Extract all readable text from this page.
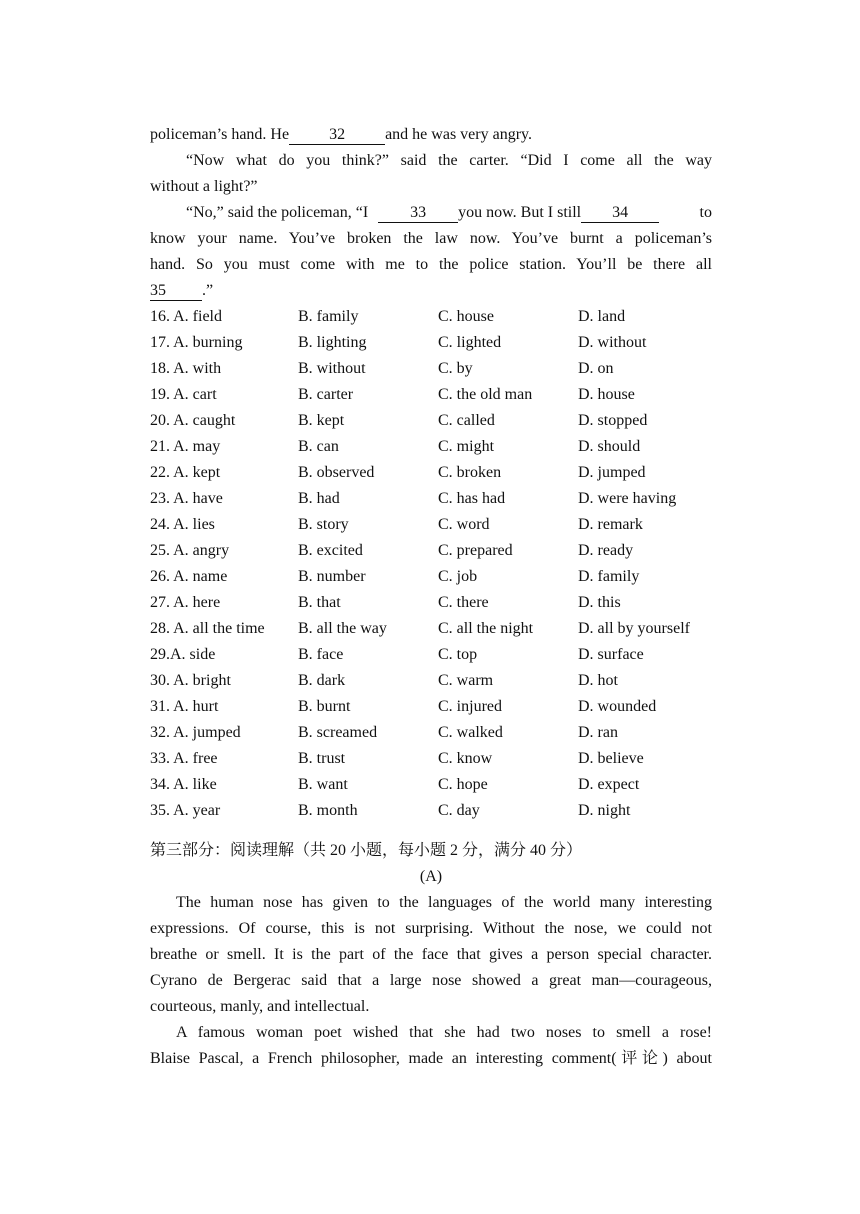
policeman’s hand. He	32	and he was very angry.
“Now what do you think?” said the carter. “Did I come all the way
without a light?”
“No,” said the policeman, “I	33 you now. But I still 34	to
know your name. You’ve broken the law now. You’ve burnt a policeman’s
hand. So you must come with me to the police station. You’ll be there all
35 .”
16. A. field	B. family	C. house	D. land
17. A. burning	B. lighting	C. lighted	D. without
18. A. with	B. without	C. by	D. on
19. A. cart	B. carter	C. the old man	D. house
20. A. caught	B. kept	C. called	D. stopped
21. A. may	B. can	C. might	D. should
22. A. kept	B. observed	C. broken	D. jumped
23. A. have	B. had	C. has had	D. were having
24. A. lies	B. story	C. word	D. remark
25. A. angry	B. excited	C. prepared	D. ready
26. A. name	B. number	C. job	D. family
27. A. here	B. that	C. there	D. this
28. A. all the time B. all the way	C. all the night	D. all by yourself
29.A. side	B. face	C. top	D. surface
30. A. bright	B. dark	C. warm	D. hot
31. A. hurt	B. burnt	C. injured	D. wounded
32. A. jumped	B. screamed	C. walked	D. ran
33. A. free	B. trust	C. know	D. believe
34. A. like	B. want	C. hope	D. expect
35. A. year	B. month	C. day	D. night
第三部分：阅读理解（共 20 小题，每小题 2 分，满分 40 分）
(A)
The human nose has given to the languages of the world many interesting
expressions. Of course, this is not surprising. Without the nose, we could not
breathe or smell. It is the part of the face that gives a person special character.
Cyrano de Bergerac said that a large nose showed a great man—courageous,
courteous, manly, and intellectual.
A famous woman poet wished that she had two noses to smell a rose!
Blaise Pascal, a French philosopher, made an interesting comment(评论) about
